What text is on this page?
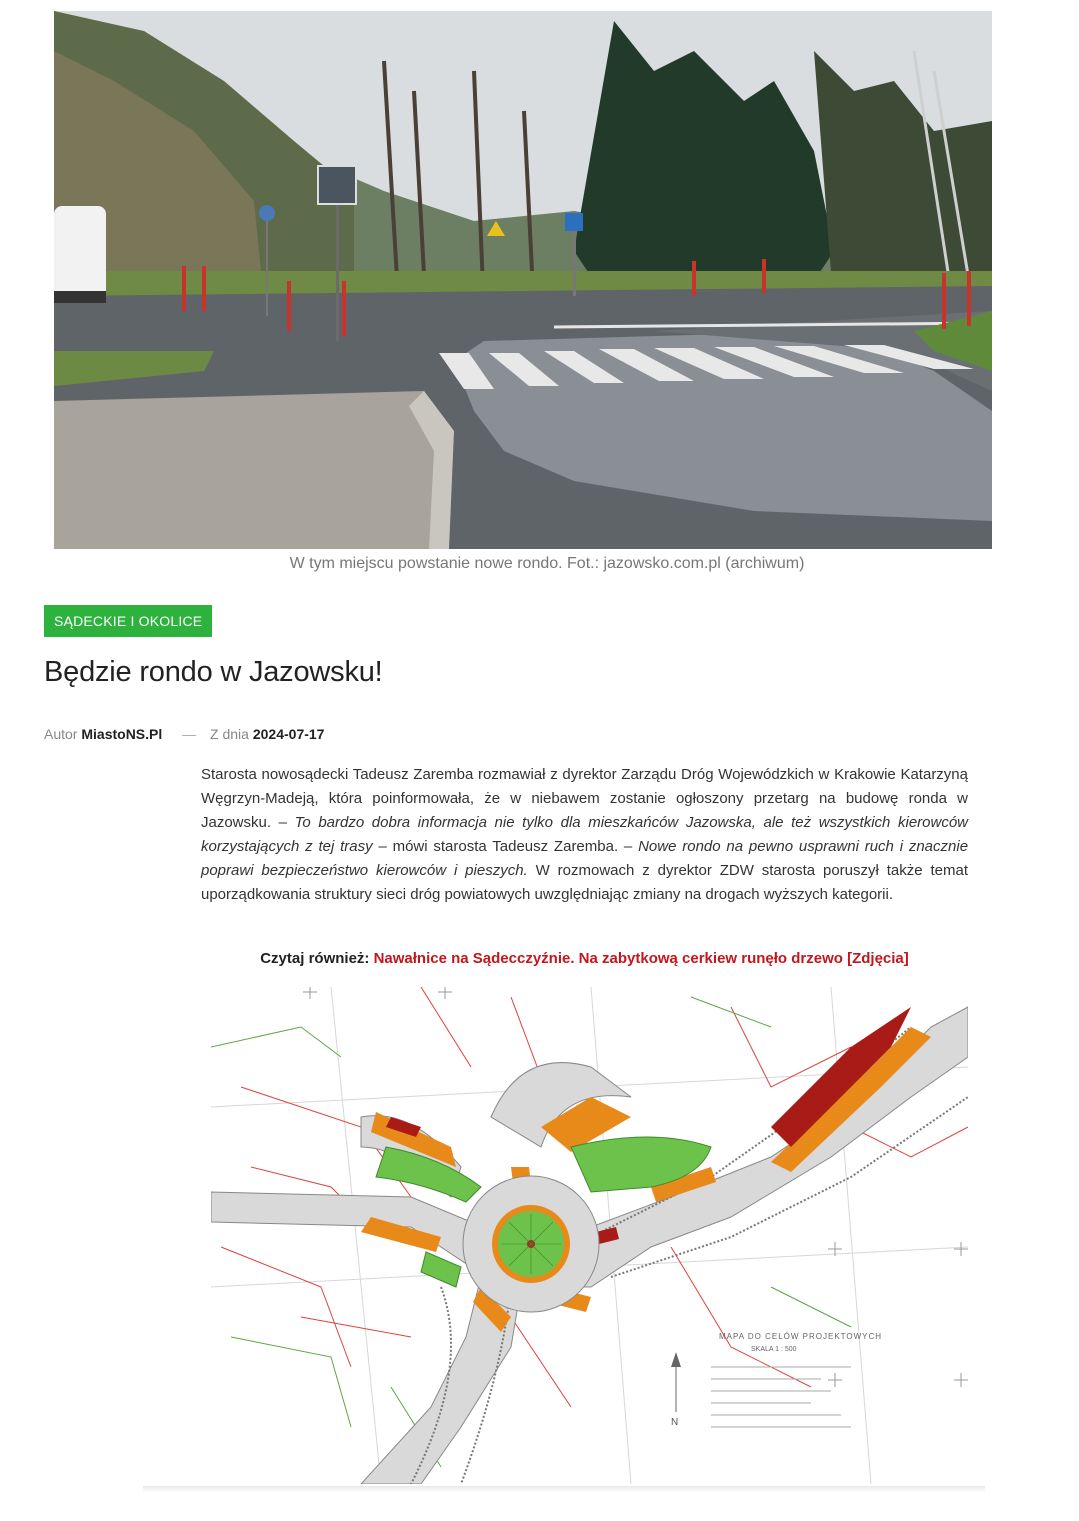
W tym miejscu powstanie nowe rondo. Fot.: jazowsko.com.pl (archiwum)
SĄDECKIE I OKOLICE
Będzie rondo w Jazowsku!
Autor MiastoNS.Pl — Z dnia 2024-07-17

Starosta nowosądecki Tadeusz Zaremba rozmawiał z dyrektor Zarządu Dróg Wojewódzkich w Krakowie Katarzyną Węgrzyn-Madeją, która poinformowała, że w niebawem zostanie ogłoszony przetarg na budowę ronda w Jazowsku. – To bardzo dobra informacja nie tylko dla mieszkańców Jazowska, ale też wszystkich kierowców korzystających z tej trasy – mówi starosta Tadeusz Zaremba. – Nowe rondo na pewno usprawni ruch i znacznie poprawi bezpieczeństwo kierowców i pieszych. W rozmowach z dyrektor ZDW starosta poruszył także temat uporządkowania struktury sieci dróg powiatowych uwzględniając zmiany na drogach wyższych kategorii.

Czytaj również: Nawałnice na Sądecczyźnie. Na zabytkową cerkiew runęło drzewo [Zdjęcia]
MAPA DO CELÓW PROJEKTOWYCH
SKALA 1 : 500
N
